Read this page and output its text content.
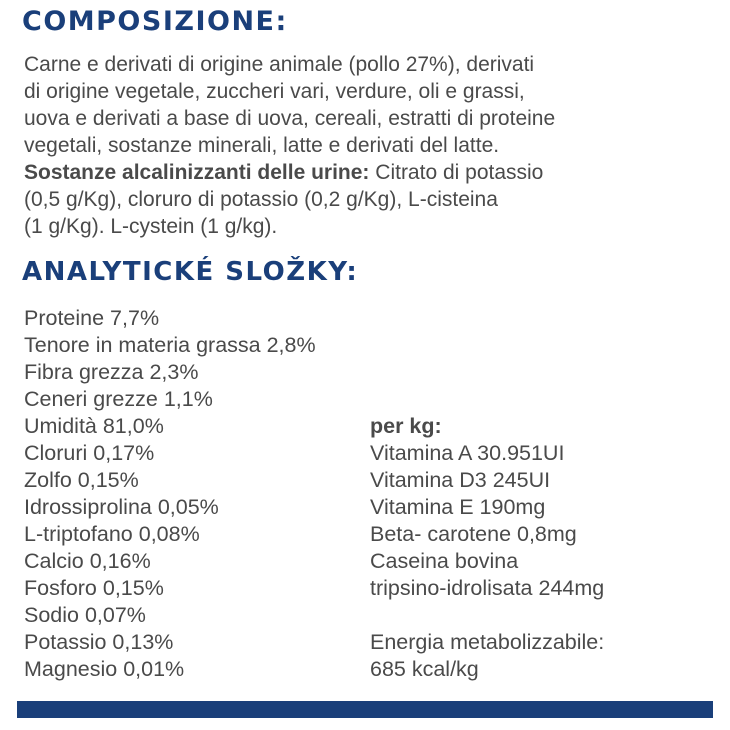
COMPOSIZIONE:

Carne e derivati di origine animale (pollo 27%), derivati
di origine vegetale, zuccheri vari, verdure, oli e grassi,
uova e derivati a base di uova, cereali, estratti di proteine
vegetali, sostanze minerali, latte e derivati del latte.
Sostanze alcalinizzanti delle urine: Citrato di potassio
(0,5 g/Kg), cloruro di potassio (0,2 g/Kg), L-cisteina
(1 g/Kg). L-cystein (1 g/kg).

ANALYTICKÉ SLOŽKY:
Proteine 7,7%
Tenore in materia grassa 2,8%
Fibra grezza 2,3%
Ceneri grezze 1,1%
Umidità 81,0%
Cloruri 0,17%
Zolfo 0,15%
Idrossiprolina 0,05%
L-triptofano 0,08%
Calcio 0,16%
Fosforo 0,15%
Sodio 0,07%
Potassio 0,13%
Magnesio 0,01%
per kg:
Vitamina A 30.951UI
Vitamina D3 245UI
Vitamina E 190mg
Beta- carotene 0,8mg
Caseina bovina
tripsino-idrolisata 244mg
Energia metabolizzabile:
685 kcal/kg
